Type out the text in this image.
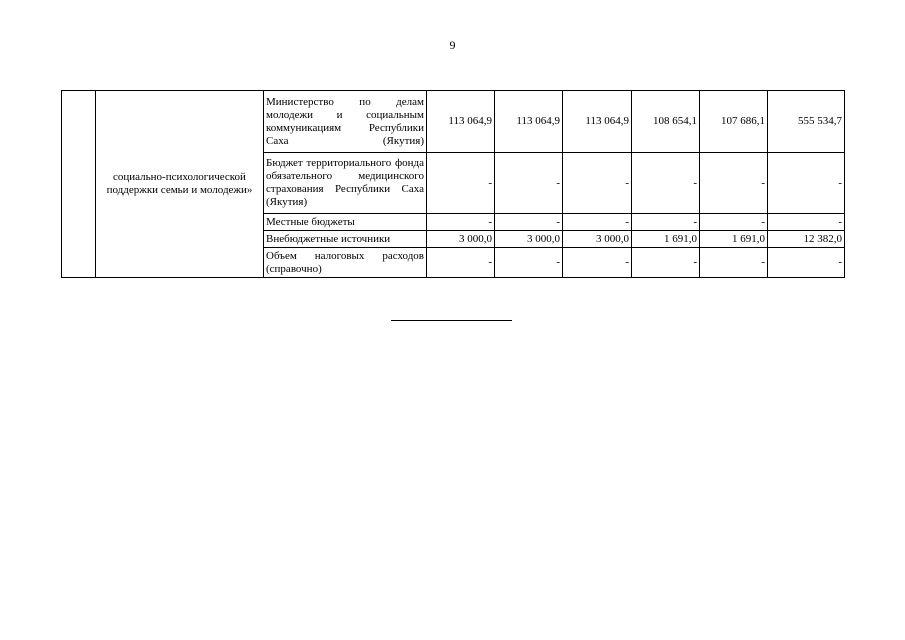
9
	социально-психологической поддержки семьи и молодежи»	Министерство по делам молодежи и социальным коммуникациям Республики Саха (Якутия)	113 064,9	113 064,9	113 064,9	108 654,1	107 686,1	555 534,7
		Бюджет территориального фонда обязательного медицинского страхования Республики Саха (Якутия)	-	-	-	-	-	-
		Местные бюджеты	-	-	-	-	-	-
		Внебюджетные источники	3 000,0	3 000,0	3 000,0	1 691,0	1 691,0	12 382,0
		Объем налоговых расходов (справочно)	-	-	-	-	-	-
